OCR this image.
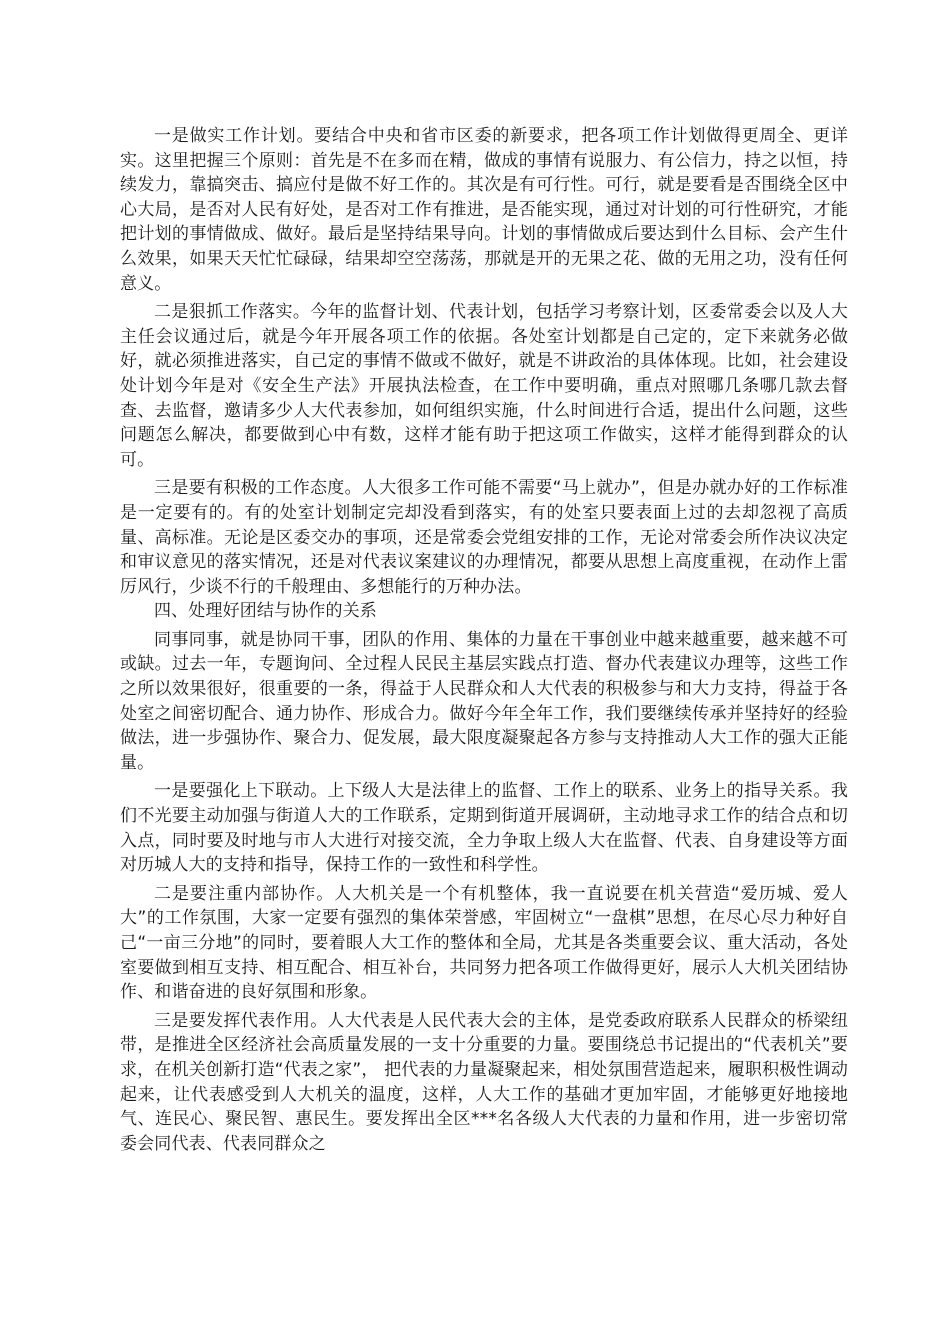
一是做实工作计划。要结合中央和省市区委的新要求，把各项工作计划做得更周全、更详实。这里把握三个原则：首先是不在多而在精，做成的事情有说服力、有公信力，持之以恒，持续发力，靠搞突击、搞应付是做不好工作的。其次是有可行性。可行，就是要看是否围绕全区中心大局，是否对人民有好处，是否对工作有推进，是否能实现，通过对计划的可行性研究，才能把计划的事情做成、做好。最后是坚持结果导向。计划的事情做成后要达到什么目标、会产生什么效果，如果天天忙忙碌碌，结果却空空荡荡，那就是开的无果之花、做的无用之功，没有任何意义。

二是狠抓工作落实。今年的监督计划、代表计划，包括学习考察计划，区委常委会以及人大主任会议通过后，就是今年开展各项工作的依据。各处室计划都是自己定的，定下来就务必做好，就必须推进落实，自己定的事情不做或不做好，就是不讲政治的具体体现。比如，社会建设处计划今年是对《安全生产法》开展执法检查，在工作中要明确，重点对照哪几条哪几款去督查、去监督，邀请多少人大代表参加，如何组织实施，什么时间进行合适，提出什么问题，这些问题怎么解决，都要做到心中有数，这样才能有助于把这项工作做实，这样才能得到群众的认可。

三是要有积极的工作态度。人大很多工作可能不需要“马上就办”，但是办就办好的工作标准是一定要有的。有的处室计划制定完却没看到落实，有的处室只要表面上过的去却忽视了高质量、高标准。无论是区委交办的事项，还是常委会党组安排的工作，无论对常委会所作决议决定和审议意见的落实情况，还是对代表议案建议的办理情况，都要从思想上高度重视，在动作上雷厉风行，少谈不行的千般理由、多想能行的万种办法。

四、处理好团结与协作的关系

同事同事，就是协同干事，团队的作用、集体的力量在干事创业中越来越重要，越来越不可或缺。过去一年，专题询问、全过程人民民主基层实践点打造、督办代表建议办理等，这些工作之所以效果很好，很重要的一条，得益于人民群众和人大代表的积极参与和大力支持，得益于各处室之间密切配合、通力协作、形成合力。做好今年全年工作，我们要继续传承并坚持好的经验做法，进一步强协作、聚合力、促发展，最大限度凝聚起各方参与支持推动人大工作的强大正能量。

一是要强化上下联动。上下级人大是法律上的监督、工作上的联系、业务上的指导关系。我们不光要主动加强与街道人大的工作联系，定期到街道开展调研，主动地寻求工作的结合点和切入点，同时要及时地与市人大进行对接交流，全力争取上级人大在监督、代表、自身建设等方面对历城人大的支持和指导，保持工作的一致性和科学性。

二是要注重内部协作。人大机关是一个有机整体，我一直说要在机关营造“爱历城、爱人大”的工作氛围，大家一定要有强烈的集体荣誉感，牢固树立“一盘棋”思想，在尽心尽力种好自己“一亩三分地”的同时，要着眼人大工作的整体和全局，尤其是各类重要会议、重大活动，各处室要做到相互支持、相互配合、相互补台，共同努力把各项工作做得更好，展示人大机关团结协作、和谐奋进的良好氛围和形象。

三是要发挥代表作用。人大代表是人民代表大会的主体，是党委政府联系人民群众的桥梁纽带，是推进全区经济社会高质量发展的一支十分重要的力量。要围绕总书记提出的“代表机关”要求，在机关创新打造“代表之家”， 把代表的力量凝聚起来，相处氛围营造起来，履职积极性调动起来，让代表感受到人大机关的温度，这样，人大工作的基础才更加牢固，才能够更好地接地气、连民心、聚民智、惠民生。要发挥出全区***名各级人大代表的力量和作用，进一步密切常委会同代表、代表同群众之
